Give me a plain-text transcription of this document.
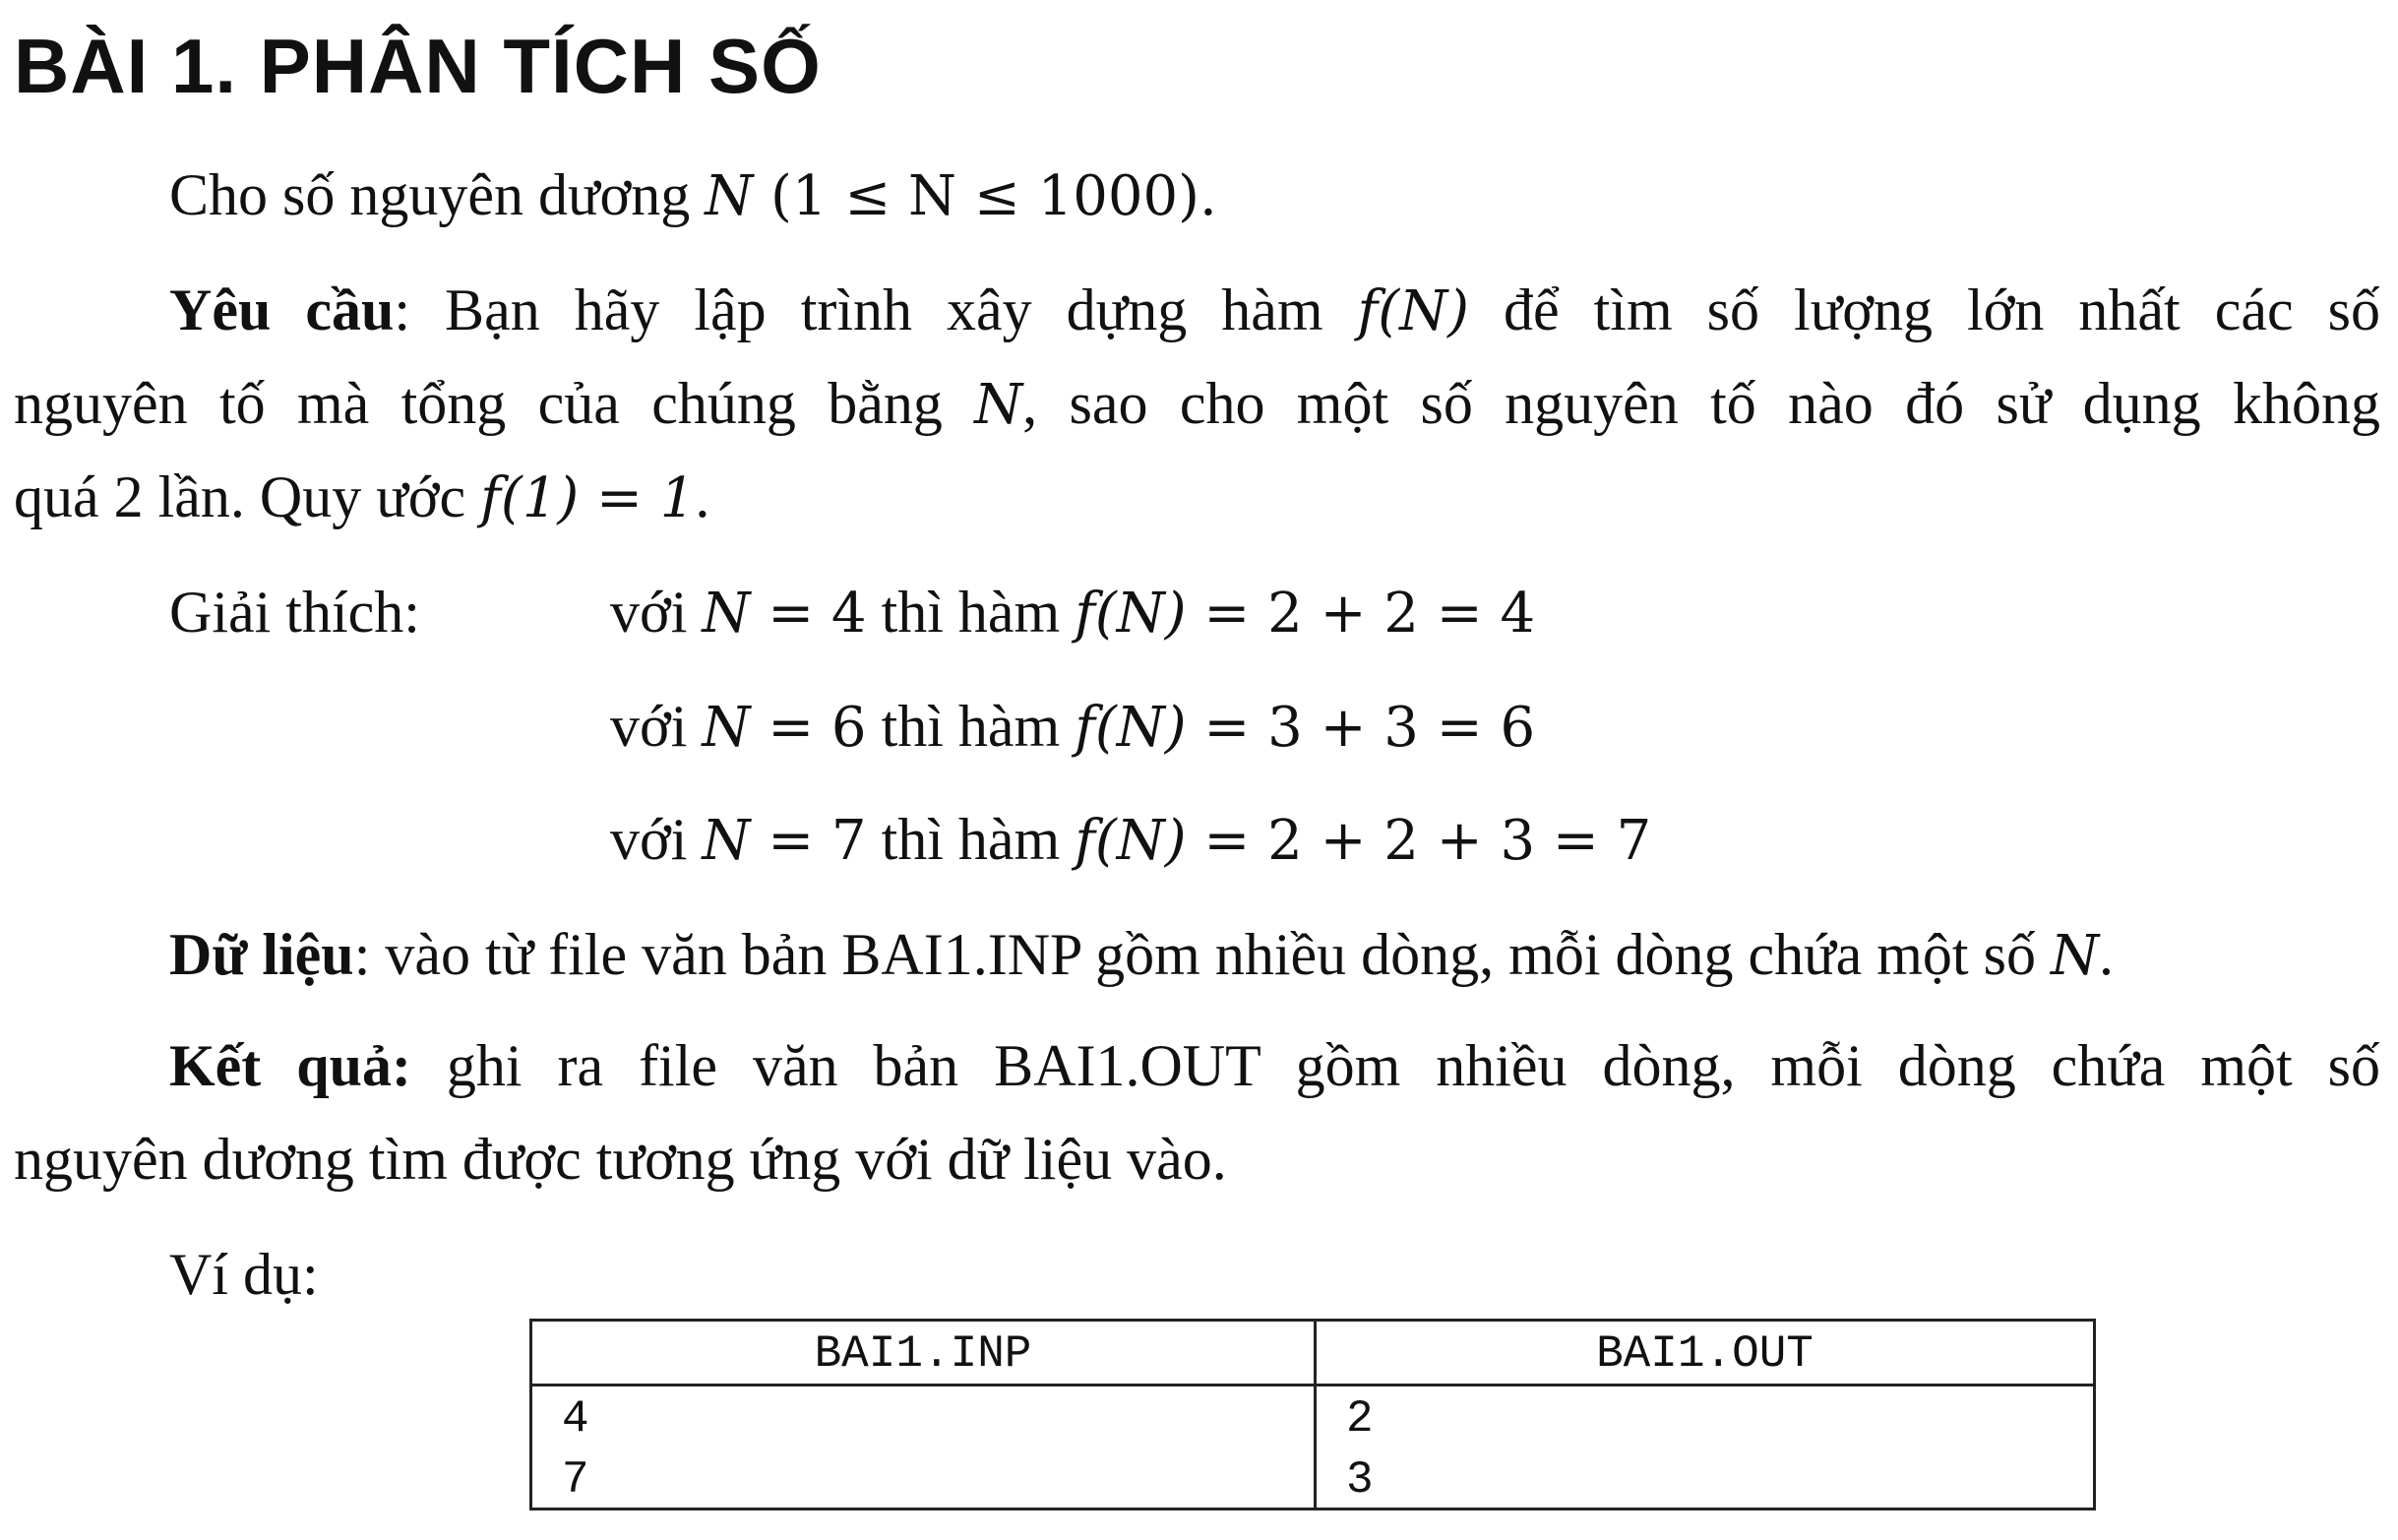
BÀI 1. PHÂN TÍCH SỐ
Cho số nguyên dương N (1 ≤ N ≤ 1000).
Yêu cầu: Bạn hãy lập trình xây dựng hàm f(N) để tìm số lượng lớn nhất các số
nguyên tố mà tổng của chúng bằng N, sao cho một số nguyên tố nào đó sử dụng không
quá 2 lần. Quy ước f(1) = 1.
Giải thích:	với N = 4 thì hàm f(N) = 2 + 2 = 4
với N = 6 thì hàm f(N) = 3 + 3 = 6
với N = 7 thì hàm f(N) = 2 + 2 + 3 = 7
Dữ liệu: vào từ file văn bản BAI1.INP gồm nhiều dòng, mỗi dòng chứa một số N.
Kết quả: ghi ra file văn bản BAI1.OUT gồm nhiều dòng, mỗi dòng chứa một số
nguyên dương tìm được tương ứng với dữ liệu vào.
Ví dụ:
BAI1.INP	BAI1.OUT
4
7
2
3
